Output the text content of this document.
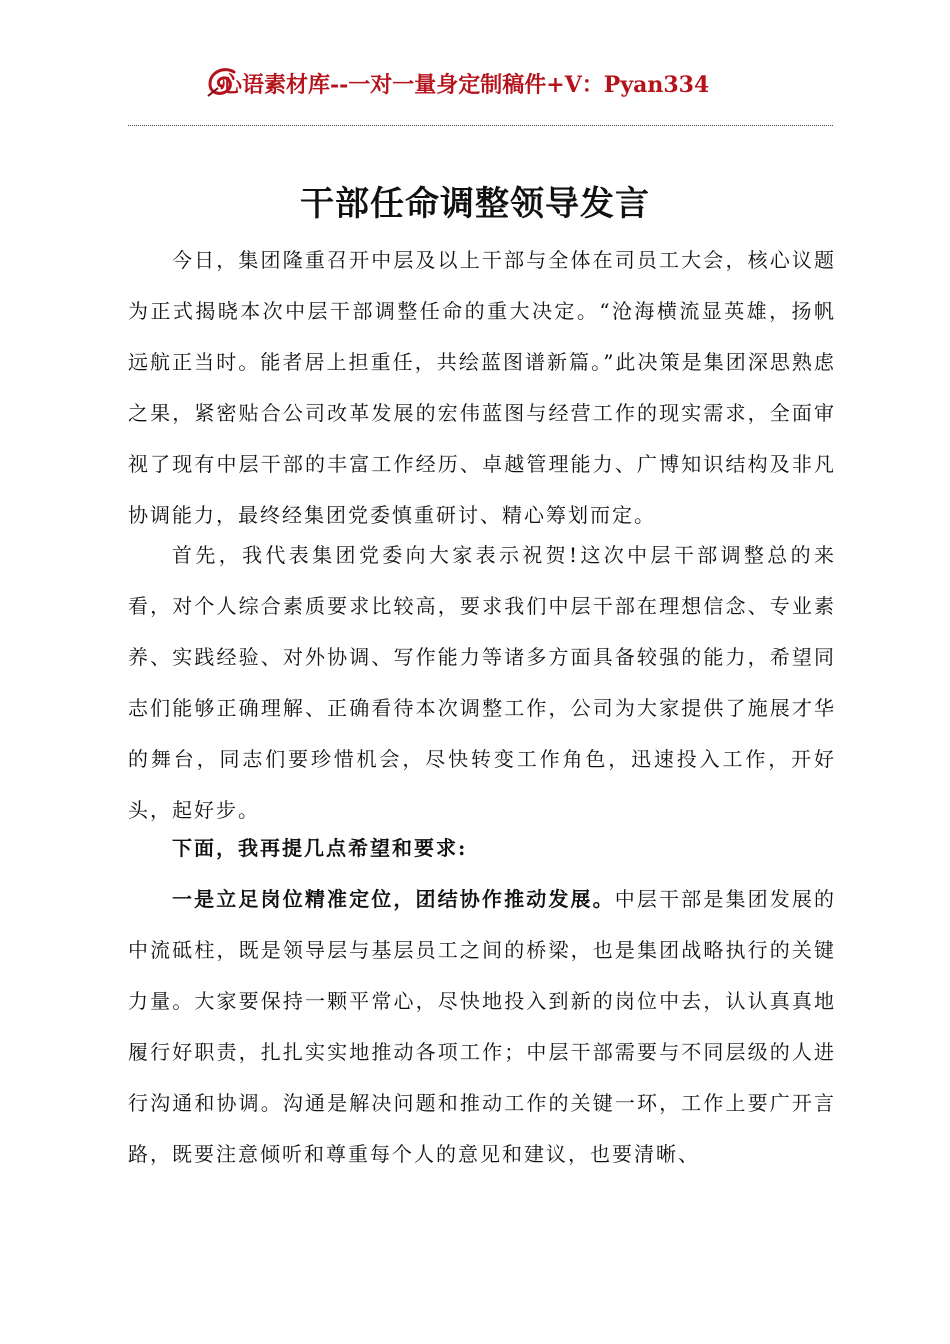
心语素材库--一对一量身定制稿件+V：Pyan334
干部任命调整领导发言

今日，集团隆重召开中层及以上干部与全体在司员工大会，核心议题为正式揭晓本次中层干部调整任命的重大决定。“沧海横流显英雄，扬帆远航正当时。能者居上担重任，共绘蓝图谱新篇。”此决策是集团深思熟虑之果，紧密贴合公司改革发展的宏伟蓝图与经营工作的现实需求，全面审视了现有中层干部的丰富工作经历、卓越管理能力、广博知识结构及非凡协调能力，最终经集团党委慎重研讨、精心筹划而定。

首先，我代表集团党委向大家表示祝贺!这次中层干部调整总的来看，对个人综合素质要求比较高，要求我们中层干部在理想信念、专业素养、实践经验、对外协调、写作能力等诸多方面具备较强的能力，希望同志们能够正确理解、正确看待本次调整工作，公司为大家提供了施展才华的舞台，同志们要珍惜机会，尽快转变工作角色，迅速投入工作，开好头，起好步。

下面，我再提几点希望和要求:

一是立足岗位精准定位，团结协作推动发展。中层干部是集团发展的中流砥柱，既是领导层与基层员工之间的桥梁，也是集团战略执行的关键力量。大家要保持一颗平常心，尽快地投入到新的岗位中去，认认真真地履行好职责，扎扎实实地推动各项工作；中层干部需要与不同层级的人进行沟通和协调。沟通是解决问题和推动工作的关键一环，工作上要广开言路，既要注意倾听和尊重每个人的意见和建议，也要清晰、
